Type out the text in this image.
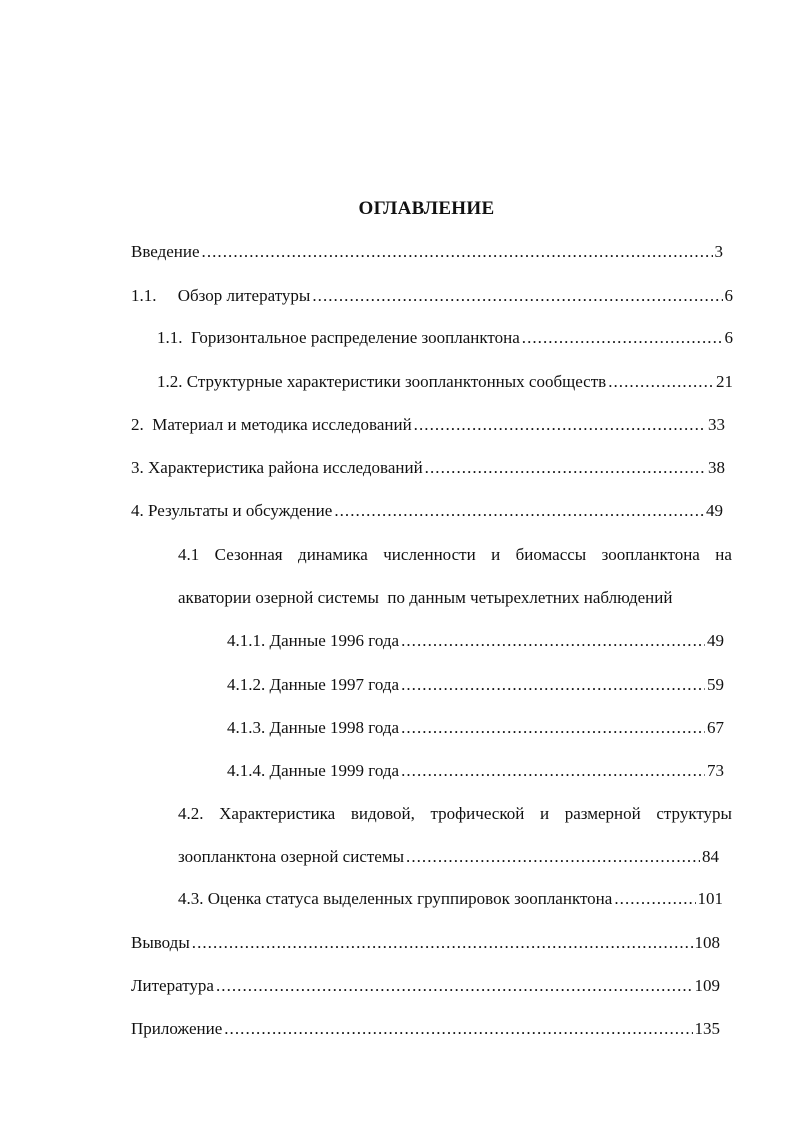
ОГЛАВЛЕНИЕ
Введение . . .	3
1.1.     Обзор литературы . . .	6
1.1.  Горизонтальное распределение зоопланктона . . .	6
1.2. Структурные характеристики зоопланктонных сообществ . . .	21
2.  Материал и методика исследований . . .	33
3. Характеристика района исследований . . .	38
4. Результаты и обсуждение . . .	49
4.1 Сезонная динамика численности и биомассы зоопланктона на
акватории озерной системы  по данным четырехлетних наблюдений
4.1.1. Данные 1996 года . . .	49
4.1.2. Данные 1997 года . . .	59
4.1.3. Данные 1998 года . . .	67
4.1.4. Данные 1999 года . . .	73
4.2. Характеристика видовой, трофической и размерной структуры
зоопланктона озерной системы . . .	84
4.3. Оценка статуса выделенных группировок зоопланктона . . .	101
Выводы . . .	108
Литература . . .	109
Приложение . . .	135
